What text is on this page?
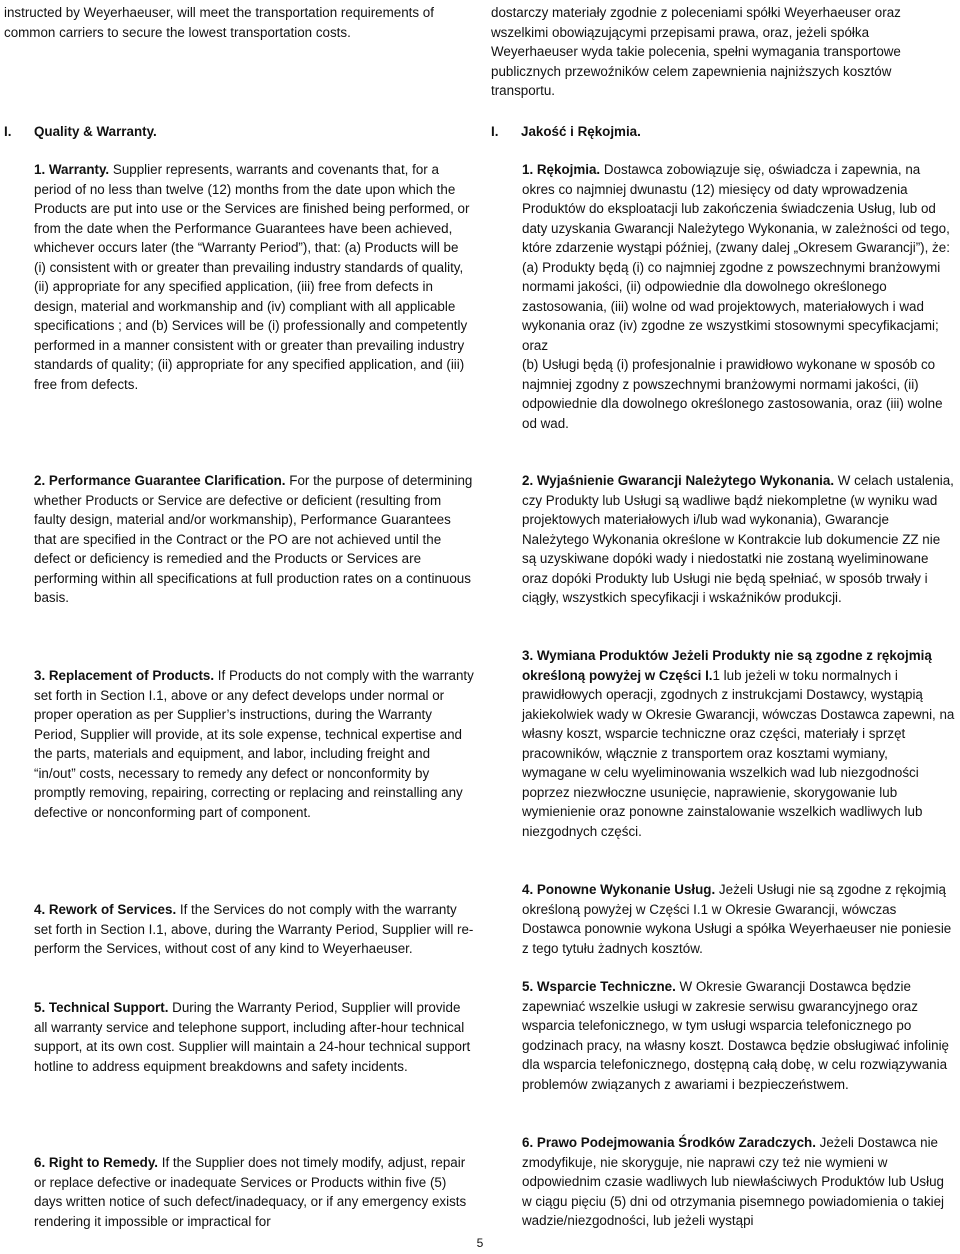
instructed by Weyerhaeuser, will meet the transportation requirements of common carriers to secure the lowest transportation costs.

I. Quality & Warranty.

1. Warranty. Supplier represents, warrants and covenants that, for a period of no less than twelve (12) months from the date upon which the Products are put into use or the Services are finished being performed, or from the date when the Performance Guarantees have been achieved, whichever occurs later (the “Warranty Period”), that: (a) Products will be (i) consistent with or greater than prevailing industry standards of quality, (ii) appropriate for any specified application, (iii) free from defects in design, material and workmanship and (iv) compliant with all applicable specifications ; and (b) Services will be (i) professionally and competently performed in a manner consistent with or greater than prevailing industry standards of quality; (ii) appropriate for any specified application, and (iii) free from defects.

2. Performance Guarantee Clarification. For the purpose of determining whether Products or Service are defective or deficient (resulting from faulty design, material and/or workmanship), Performance Guarantees that are specified in the Contract or the PO are not achieved until the defect or deficiency is remedied and the Products or Services are performing within all specifications at full production rates on a continuous basis.

3. Replacement of Products. If Products do not comply with the warranty set forth in Section I.1, above or any defect develops under normal or proper operation as per Supplier’s instructions, during the Warranty Period, Supplier will provide, at its sole expense, technical expertise and the parts, materials and equipment, and labor, including freight and “in/out” costs, necessary to remedy any defect or nonconformity by promptly removing, repairing, correcting or replacing and reinstalling any defective or nonconforming part of component.

4. Rework of Services. If the Services do not comply with the warranty set forth in Section I.1, above, during the Warranty Period, Supplier will re-perform the Services, without cost of any kind to Weyerhaeuser.

5. Technical Support. During the Warranty Period, Supplier will provide all warranty service and telephone support, including after-hour technical support, at its own cost. Supplier will maintain a 24-hour technical support hotline to address equipment breakdowns and safety incidents.

6. Right to Remedy. If the Supplier does not timely modify, adjust, repair or replace defective or inadequate Services or Products within five (5) days written notice of such defect/inadequacy, or if any emergency exists rendering it impossible or impractical for

dostarczy materiały zgodnie z poleceniami spółki Weyerhaeuser oraz wszelkimi obowiązującymi przepisami prawa, oraz, jeżeli spółka Weyerhaeuser wyda takie polecenia, spełni wymagania transportowe publicznych przewoźników celem zapewnienia najniższych kosztów transportu.

I. Jakość i Rękojmia.

1. Rękojmia. Dostawca zobowiązuje się, oświadcza i zapewnia, na okres co najmniej dwunastu (12) miesięcy od daty wprowadzenia Produktów do eksploatacji lub zakończenia świadczenia Usług, lub od daty uzyskania Gwarancji Należytego Wykonania, w zależności od tego, które zdarzenie wystąpi później, (zwany dalej „Okresem Gwarancji”), że:
(a) Produkty będą (i) co najmniej zgodne z powszechnymi branżowymi normami jakości, (ii) odpowiednie dla dowolnego określonego zastosowania, (iii) wolne od wad projektowych, materiałowych i wad wykonania oraz (iv) zgodne ze wszystkimi stosownymi specyfikacjami; oraz
(b) Usługi będą (i) profesjonalnie i prawidłowo wykonane w sposób co najmniej zgodny z powszechnymi branżowymi normami jakości, (ii) odpowiednie dla dowolnego określonego zastosowania, oraz (iii) wolne od wad.

2. Wyjaśnienie Gwarancji Należytego Wykonania. W celach ustalenia, czy Produkty lub Usługi są wadliwe bądź niekompletne (w wyniku wad projektowych materiałowych i/lub wad wykonania), Gwarancje Należytego Wykonania określone w Kontrakcie lub dokumencie ZZ nie są uzyskiwane dopóki wady i niedostatki nie zostaną wyeliminowane oraz dopóki Produkty lub Usługi nie będą spełniać, w sposób trwały i ciągły, wszystkich specyfikacji i wskaźników produkcji.

3. Wymiana Produktów Jeżeli Produkty nie są zgodne z rękojmią określoną powyżej w Części I.1 lub jeżeli w toku normalnych i prawidłowych operacji, zgodnych z instrukcjami Dostawcy, wystąpią jakiekolwiek wady w Okresie Gwarancji, wówczas Dostawca zapewni, na własny koszt, wsparcie techniczne oraz części, materiały i sprzęt pracowników, włącznie z transportem oraz kosztami wymiany, wymagane w celu wyeliminowania wszelkich wad lub niezgodności poprzez niezwłoczne usunięcie, naprawienie, skorygowanie lub wymienienie oraz ponowne zainstalowanie wszelkich wadliwych lub niezgodnych części.

4. Ponowne Wykonanie Usług. Jeżeli Usługi nie są zgodne z rękojmią określoną powyżej w Części I.1 w Okresie Gwarancji, wówczas Dostawca ponownie wykona Usługi a spółka Weyerhaeuser nie poniesie z tego tytułu żadnych kosztów.

5. Wsparcie Techniczne. W Okresie Gwarancji Dostawca będzie zapewniać wszelkie usługi w zakresie serwisu gwarancyjnego oraz wsparcia telefonicznego, w tym usługi wsparcia telefonicznego po godzinach pracy, na własny koszt. Dostawca będzie obsługiwać infolinię dla wsparcia telefonicznego, dostępną całą dobę, w celu rozwiązywania problemów związanych z awariami i bezpieczeństwem.

6. Prawo Podejmowania Środków Zaradczych. Jeżeli Dostawca nie zmodyfikuje, nie skoryguje, nie naprawi czy też nie wymieni w odpowiednim czasie wadliwych lub niewłaściwych Produktów lub Usług w ciągu pięciu (5) dni od otrzymania pisemnego powiadomienia o takiej wadzie/niezgodności, lub jeżeli wystąpi

5
